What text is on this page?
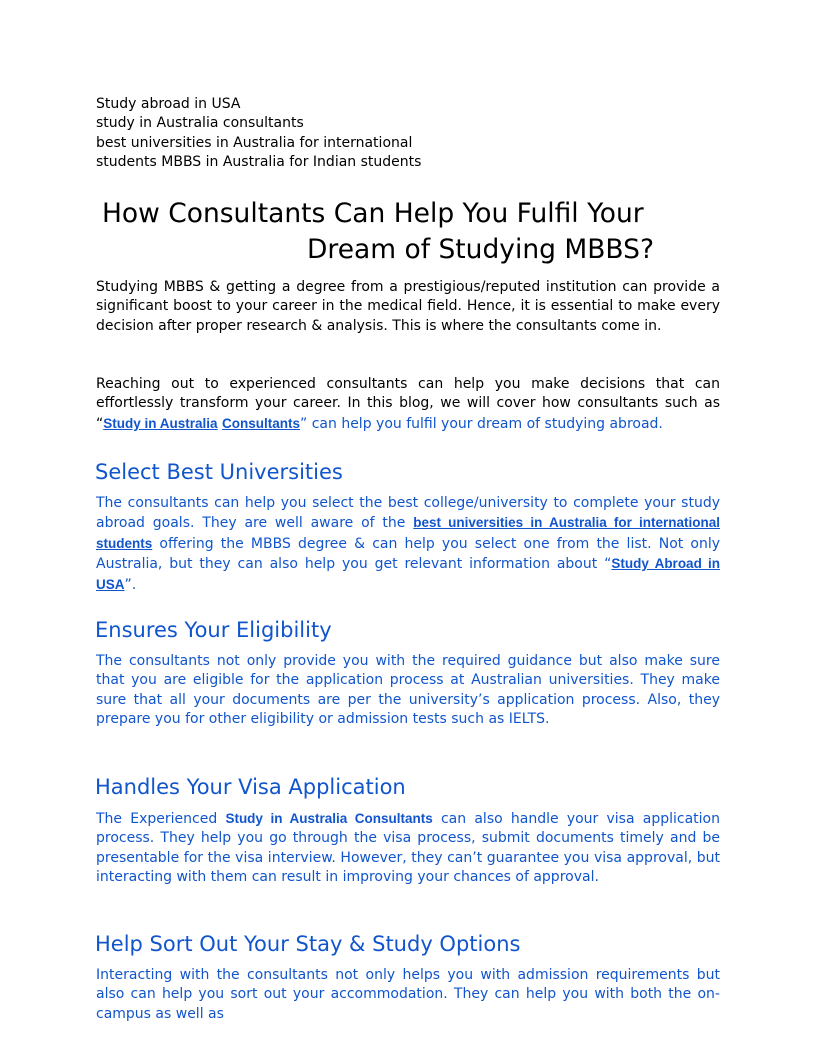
Study abroad in USA
study in Australia consultants
best universities in Australia for international
students MBBS in Australia for Indian students
How Consultants Can Help You Fulfil Your
Dream of Studying MBBS?

Studying MBBS & getting a degree from a prestigious/reputed institution can provide a significant boost to your career in the medical field. Hence, it is essential to make every decision after proper research & analysis. This is where the consultants come in.

Reaching out to experienced consultants can help you make decisions that can effortlessly transform your career. In this blog, we will cover how consultants such as “Study in Australia Consultants” can help you fulfil your dream of studying abroad.

Select Best Universities

The consultants can help you select the best college/university to complete your study abroad goals. They are well aware of the best universities in Australia for international students offering the MBBS degree & can help you select one from the list. Not only Australia, but they can also help you get relevant information about “Study Abroad in USA”.

Ensures Your Eligibility

The consultants not only provide you with the required guidance but also make sure that you are eligible for the application process at Australian universities. They make sure that all your documents are per the university’s application process. Also, they prepare you for other eligibility or admission tests such as IELTS.

Handles Your Visa Application

The Experienced Study in Australia Consultants can also handle your visa application process. They help you go through the visa process, submit documents timely and be presentable for the visa interview. However, they can’t guarantee you visa approval, but interacting with them can result in improving your chances of approval.

Help Sort Out Your Stay & Study Options

Interacting with the consultants not only helps you with admission requirements but also can help you sort out your accommodation. They can help you with both the on-campus as well as
